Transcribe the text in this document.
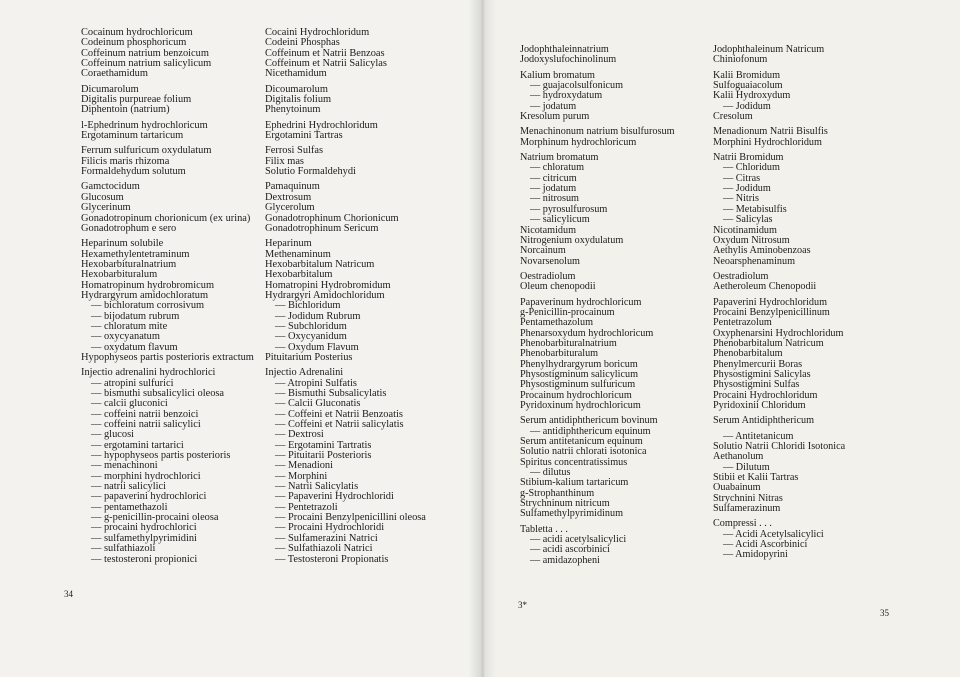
Cocainum hydrochloricum
Codeinum phosphoricum
Coffeinum natrium benzoicum
Coffeinum natrium salicylicum
Coraethamidum
Dicumarolum
Digitalis purpureae folium
Diphentoin (natrium)
l-Ephedrinum hydrochloricum
Ergotaminum tartaricum
Ferrum sulfuricum oxydulatum
Filicis maris rhizoma
Formaldehydum solutum
Gamctocidum
Glucosum
Glycerinum
Gonadotropinum chorionicum (ex urina)
Gonadotrophum e sero
Heparinum solubile
Hexamethylentetraminum
Hexobarbituralnatrium
Hexobarbituralum
Homatropinum hydrobromicum
Hydrargyrum amidochloratum
— bichloratum corrosivum
— bijodatum rubrum
— chloratum mite
— oxycyanatum
— oxydatum flavum
Hypophyseos partis posterioris extractum
Injectio adrenalini hydrochlorici
— atropini sulfurici
— bismuthi subsalicylici oleosa
— calcii gluconici
— coffeini natrii benzoici
— coffeini natrii salicylici
— glucosi
— ergotamini tartarici
— hypophyseos partis posterioris
— menachinoni
— morphini hydrochlorici
— natrii salicylici
— papaverini hydrochlorici
— pentamethazoli
— g-penicillin-procaini oleosa
— procaini hydrochlorici
— sulfamethylpyrimidini
— sulfathiazoli
— testosteroni propionici
Cocaini Hydrochloridum
Codeini Phosphas
Coffeinum et Natrii Benzoas
Coffeinum et Natrii Salicylas
Nicethamidum
Dicoumarolum
Digitalis folium
Phenytoinum
Ephedrini Hydrochloridum
Ergotamini Tartras
Ferrosi Sulfas
Filix mas
Solutio Formaldehydi
Pamaquinum
Dextrosum
Glycerolum
Gonadotrophinum Chorionicum
Gonadotrophinum Sericum
Heparinum
Methenaminum
Hexobarbitalum Natricum
Hexobarbitalum
Homatropini Hydrobromidum
Hydrargyri Amidochloridum
— Bichloridum
— Jodidum Rubrum
— Subchloridum
— Oxycyanidum
— Oxydum Flavum
Pituitarium Posterius
Injectio Adrenalini
— Atropini Sulfatis
— Bismuthi Subsalicylatis
— Calcii Gluconatis
— Coffeini et Natrii Benzoatis
— Coffeini et Natrii salicylatis
— Dextrosi
— Ergotamini Tartratis
— Pituitarii Posterioris
— Menadioni
— Morphini
— Natrii Salicylatis
— Papaverini Hydrochloridi
— Pentetrazoli
— Procaini Benzylpenicillini oleosa
— Procaini Hydrochloridi
— Sulfamerazini Natrici
— Sulfathiazoli Natrici
— Testosteroni Propionatis
34
Jodophthaleinnatrium
Jodoxyslufochinolinum
Kalium bromatum
— guajacolsulfonicum
— hydroxydatum
— jodatum
Kresolum purum
Menachinonum natrium bisulfurosum
Morphinum hydrochloricum
Natrium bromatum
— chloratum
— citricum
— jodatum
— nitrosum
— pyrosulfurosum
— salicylicum
Nicotamidum
Nitrogenium oxydulatum
Norcainum
Novarsenolum
Oestradiolum
Oleum chenopodii
Papaverinum hydrochloricum
g-Penicillin-procainum
Pentamethazolum
Phenarsoxydum hydrochloricum
Phenobarbituralnatrium
Phenobarbituralum
Phenylhydrargyrum boricum
Physostigminum salicylicum
Physostigminum sulfuricum
Procainum hydrochloricum
Pyridoxinum hydrochloricum
Serum antidiphthericum bovinum
— antidiphthericum equinum
Serum antitetanicum equinum
Solutio natrii chlorati isotonica
Spiritus concentratissimus
— dilutus
Stibium-kalium tartaricum
g-Strophanthinum
Strychninum nitricum
Sulfamethylpyrimidinum
Tabletta . . .
— acidi acetylsalicylici
— acidi ascorbinici
— amidazopheni
Jodophthaleinum Natricum
Chiniofonum
Kalii Bromidum
Sulfoguaiacolum
Kalii Hydroxydum
— Jodidum
Cresolum
Menadionum Natrii Bisulfis
Morphini Hydrochloridum
Natrii Bromidum
— Chloridum
— Citras
— Jodidum
— Nitris
— Metabisulfis
— Salicylas
Nicotinamidum
Oxydum Nitrosum
Aethylis Aminobenzoas
Neoarsphenaminum
Oestradiolum
Aetheroleum Chenopodii
Papaverini Hydrochloridum
Procaini Benzylpenicillinum
Pentetrazolum
Oxyphenarsini Hydrochloridum
Phenobarbitalum Natricum
Phenobarbitalum
Phenylmercurii Boras
Physostigmini Salicylas
Physostigmini Sulfas
Procaini Hydrochloridum
Pyridoxinii Chloridum
Serum Antidiphthericum
— Antitetanicum
Solutio Natrii Chloridi Isotonica
Aethanolum
— Dilutum
Stibii et Kalii Tartras
Ouabainum
Strychnini Nitras
Sulfamerazinum
Compressi . . .
— Acidi Acetylsalicylici
— Acidi Ascorbinici
— Amidopyrini
3*
35
